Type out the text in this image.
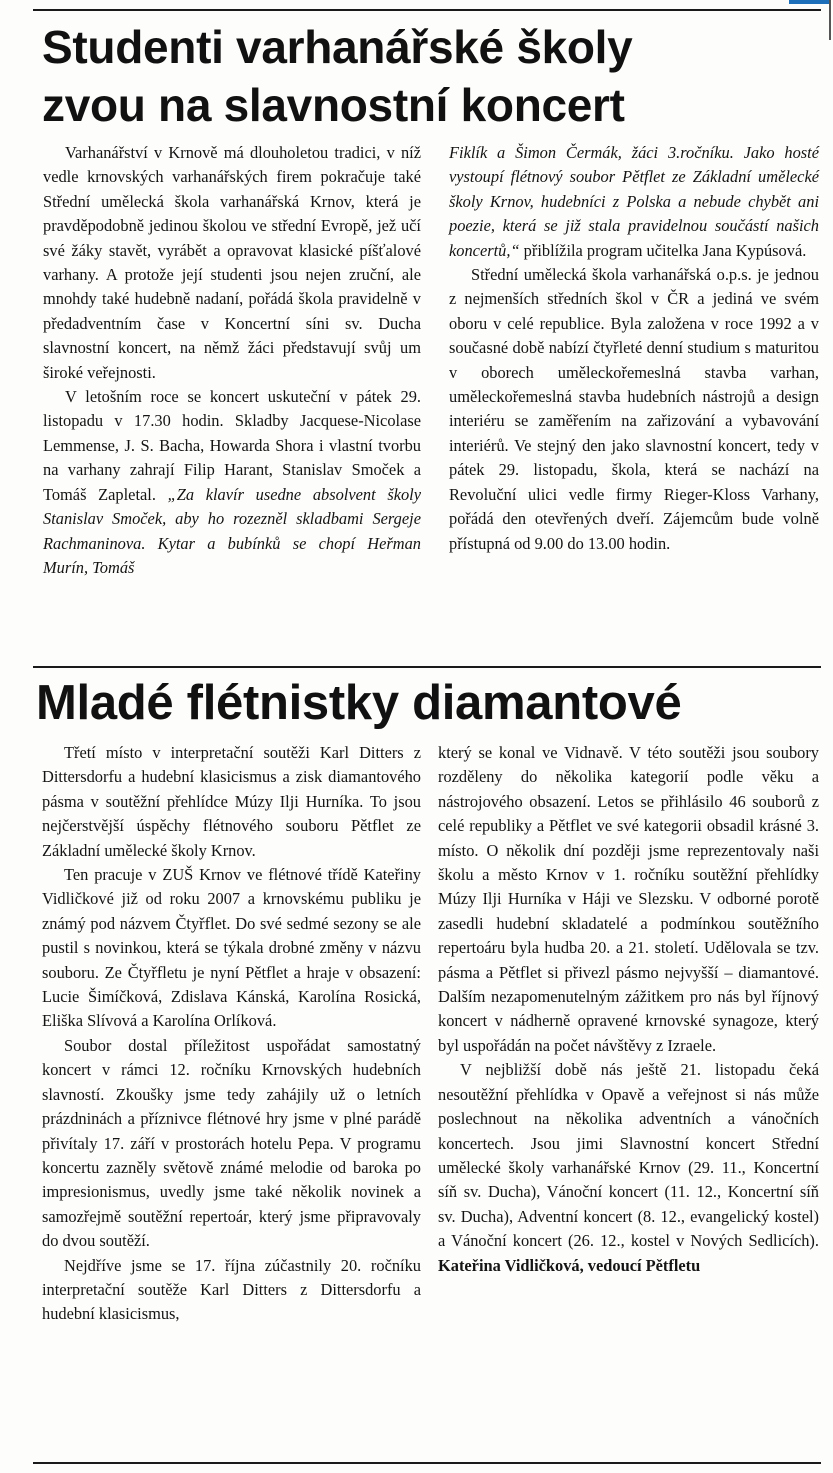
Studenti varhanářské školy
zvou na slavnostní koncert

Varhanářství v Krnově má dlouholetou tradici, v níž vedle krnovských varhanářských firem pokračuje také Střední umělecká škola varhanářská Krnov, která je pravděpodobně jedinou školou ve střední Evropě, jež učí své žáky stavět, vyrábět a opravovat klasické píšťalové varhany. A protože její studenti jsou nejen zruční, ale mnohdy také hudebně nadaní, pořádá škola pravidelně v předadventním čase v Koncertní síni sv. Ducha slavnostní koncert, na němž žáci představují svůj um široké veřejnosti.

V letošním roce se koncert uskuteční v pátek 29. listopadu v 17.30 hodin. Skladby Jacquese-Nicolase Lemmense, J. S. Bacha, Howarda Shora i vlastní tvorbu na varhany zahrají Filip Harant, Stanislav Smoček a Tomáš Zapletal. „Za klavír usedne absolvent školy Stanislav Smoček, aby ho rozezněl skladbami Sergeje Rachmaninova. Kytar a bubínků se chopí Heřman Murín, Tomáš

Fiklík a Šimon Čermák, žáci 3.ročníku. Jako hosté vystoupí flétnový soubor Pětflet ze Základní umělecké školy Krnov, hudebníci z Polska a nebude chybět ani poezie, která se již stala pravidelnou součástí našich koncertů,“ přiblížila program učitelka Jana Kypúsová.

Střední umělecká škola varhanářská o.p.s. je jednou z nejmenších středních škol v ČR a jediná ve svém oboru v celé republice. Byla založena v roce 1992 a v současné době nabízí čtyřleté denní studium s maturitou v oborech uměleckořemeslná stavba varhan, uměleckořemeslná stavba hudebních nástrojů a design interiéru se zaměřením na zařizování a vybavování interiérů. Ve stejný den jako slavnostní koncert, tedy v pátek 29. listopadu, škola, která se nachází na Revoluční ulici vedle firmy Rieger-Kloss Varhany, pořádá den otevřených dveří. Zájemcům bude volně přístupná od 9.00 do 13.00 hodin.

Mladé flétnistky diamantové

Třetí místo v interpretační soutěži Karl Ditters z Dittersdorfu a hudební klasicismus a zisk diamantového pásma v soutěžní přehlídce Múzy Ilji Hurníka. To jsou nejčerstvější úspěchy flétnového souboru Pětflet ze Základní umělecké školy Krnov.

Ten pracuje v ZUŠ Krnov ve flétnové třídě Kateřiny Vidličkové již od roku 2007 a krnovskému publiku je známý pod názvem Čtyřflet. Do své sedmé sezony se ale pustil s novinkou, která se týkala drobné změny v názvu souboru. Ze Čtyřfletu je nyní Pětflet a hraje v obsazení: Lucie Šimíčková, Zdislava Kánská, Karolína Rosická, Eliška Slívová a Karolína Orlíková.

Soubor dostal příležitost uspořádat samostatný koncert v rámci 12. ročníku Krnovských hudebních slavností. Zkoušky jsme tedy zahájily už o letních prázdninách a příznivce flétnové hry jsme v plné parádě přivítaly 17. září v prostorách hotelu Pepa. V programu koncertu zazněly světově známé melodie od baroka po impresionismus, uvedly jsme také několik novinek a samozřejmě soutěžní repertoár, který jsme připravovaly do dvou soutěží.

Nejdříve jsme se 17. října zúčastnily 20. ročníku interpretační soutěže Karl Ditters z Dittersdorfu a hudební klasicismus,

který se konal ve Vidnavě. V této soutěži jsou soubory rozděleny do několika kategorií podle věku a nástrojového obsazení. Letos se přihlásilo 46 souborů z celé republiky a Pětflet ve své kategorii obsadil krásné 3. místo. O několik dní později jsme reprezentovaly naši školu a město Krnov v 1. ročníku soutěžní přehlídky Múzy Ilji Hurníka v Háji ve Slezsku. V odborné porotě zasedli hudební skladatelé a podmínkou soutěžního repertoáru byla hudba 20. a 21. století. Udělovala se tzv. pásma a Pětflet si přivezl pásmo nejvyšší – diamantové. Dalším nezapomenutelným zážitkem pro nás byl říjnový koncert v nádherně opravené krnovské synagoze, který byl uspořádán na počet návštěvy z Izraele.

V nejbližší době nás ještě 21. listopadu čeká nesoutěžní přehlídka v Opavě a veřejnost si nás může poslechnout na několika adventních a vánočních koncertech. Jsou jimi Slavnostní koncert Střední umělecké školy varhanářské Krnov (29. 11., Koncertní síň sv. Ducha), Vánoční koncert (11. 12., Koncertní síň sv. Ducha), Adventní koncert (8. 12., evangelický kostel) a Vánoční koncert (26. 12., kostel v Nových Sedlicích). Kateřina Vidličková, vedoucí Pětfletu
